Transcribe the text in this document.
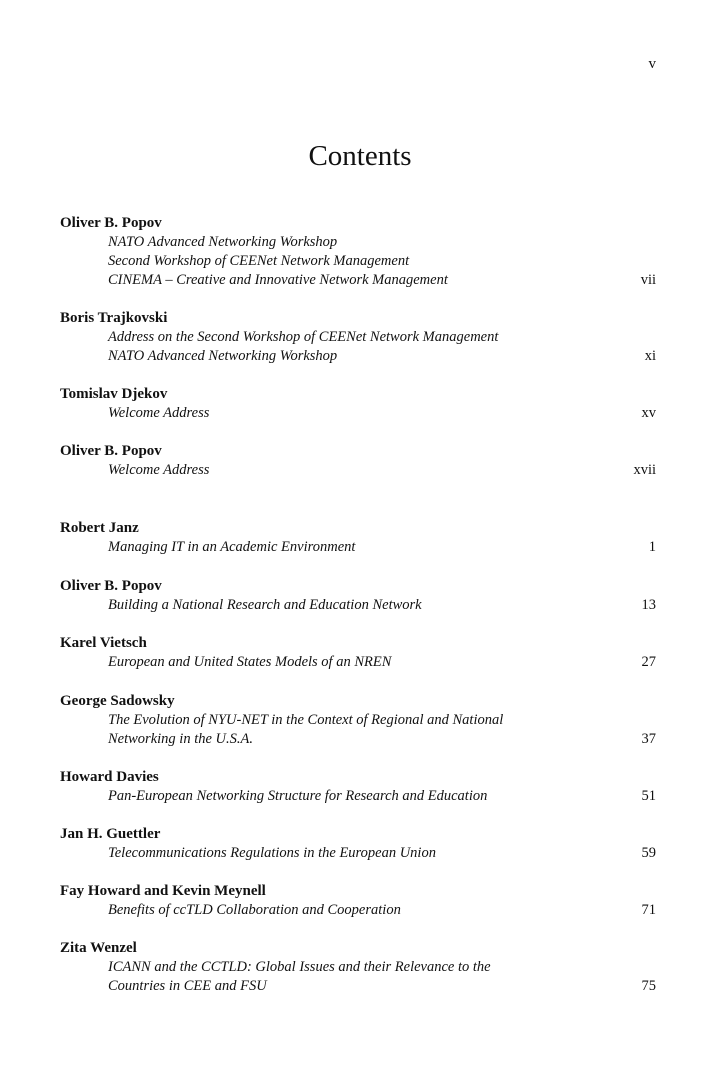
v
Contents
Oliver B. Popov
NATO Advanced Networking Workshop
Second Workshop of CEENet Network Management
CINEMA – Creative and Innovative Network Management	vii
Boris Trajkovski
Address on the Second Workshop of CEENet Network Management
NATO Advanced Networking Workshop	xi
Tomislav Djekov
Welcome Address	xv
Oliver B. Popov
Welcome Address	xvii
Robert Janz
Managing IT in an Academic Environment	1
Oliver B. Popov
Building a National Research and Education Network	13
Karel Vietsch
European and United States Models of an NREN	27
George Sadowsky
The Evolution of NYU-NET in the Context of Regional and National
Networking in the U.S.A.	37
Howard Davies
Pan-European Networking Structure for Research and Education	51
Jan H. Guettler
Telecommunications Regulations in the European Union	59
Fay Howard and Kevin Meynell
Benefits of ccTLD Collaboration and Cooperation	71
Zita Wenzel
ICANN and the CCTLD: Global Issues and their Relevance to the
Countries in CEE and FSU	75
